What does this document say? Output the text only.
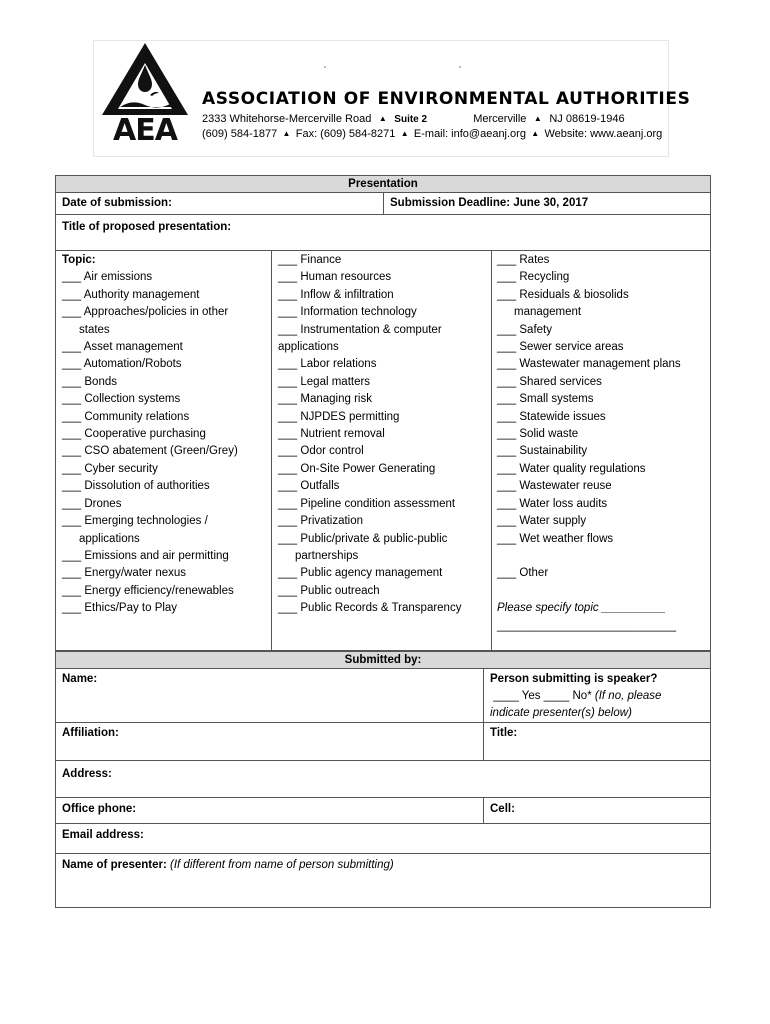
AEA
ASSOCIATION OF ENVIRONMENTAL AUTHORITIES
2333 Whitehorse-Mercerville Road   ▲   Suite 2	Mercerville   ▲   NJ 08619-1946
(609) 584-1877  ▲  Fax: (609) 584-8271  ▲  E-mail: info@aeanj.org  ▲  Website: www.aeanj.org
Presentation
Date of submission:	Submission Deadline: June 30, 2017
Title of proposed presentation:
Topic:
___ Air emissions
___ Authority management
___ Approaches/policies in other
states
___ Asset management
___ Automation/Robots
___ Bonds
___ Collection systems
___ Community relations
___ Cooperative purchasing
___ CSO abatement (Green/Grey)
___ Cyber security
___ Dissolution of authorities
___ Drones
___ Emerging technologies /
applications
___ Emissions and air permitting
___ Energy/water nexus
___ Energy efficiency/renewables
___ Ethics/Pay to Play
___ Finance
___ Human resources
___ Inflow & infiltration
___ Information technology
___ Instrumentation & computer
applications
___ Labor relations
___ Legal matters
___ Managing risk
___ NJPDES permitting
___ Nutrient removal
___ Odor control
___ On-Site Power Generating
___ Outfalls
___ Pipeline condition assessment
___ Privatization
___ Public/private & public-public
partnerships
___ Public agency management
___ Public outreach
___ Public Records & Transparency
___ Rates
___ Recycling
___ Residuals & biosolids
management
___ Safety
___ Sewer service areas
___ Wastewater management plans
___ Shared services
___ Small systems
___ Statewide issues
___ Solid waste
___ Sustainability
___ Water quality regulations
___ Wastewater reuse
___ Water loss audits
___ Water supply
___ Wet weather flows
___ Other
Please specify topic __________
____________________________
Submitted by:
Name:	Person submitting is speaker?
____ Yes ____ No* (If no, please
indicate presenter(s) below)
Affiliation:	Title:
Address:
Office phone:	Cell:
Email address:
Name of presenter: (If different from name of person submitting)
